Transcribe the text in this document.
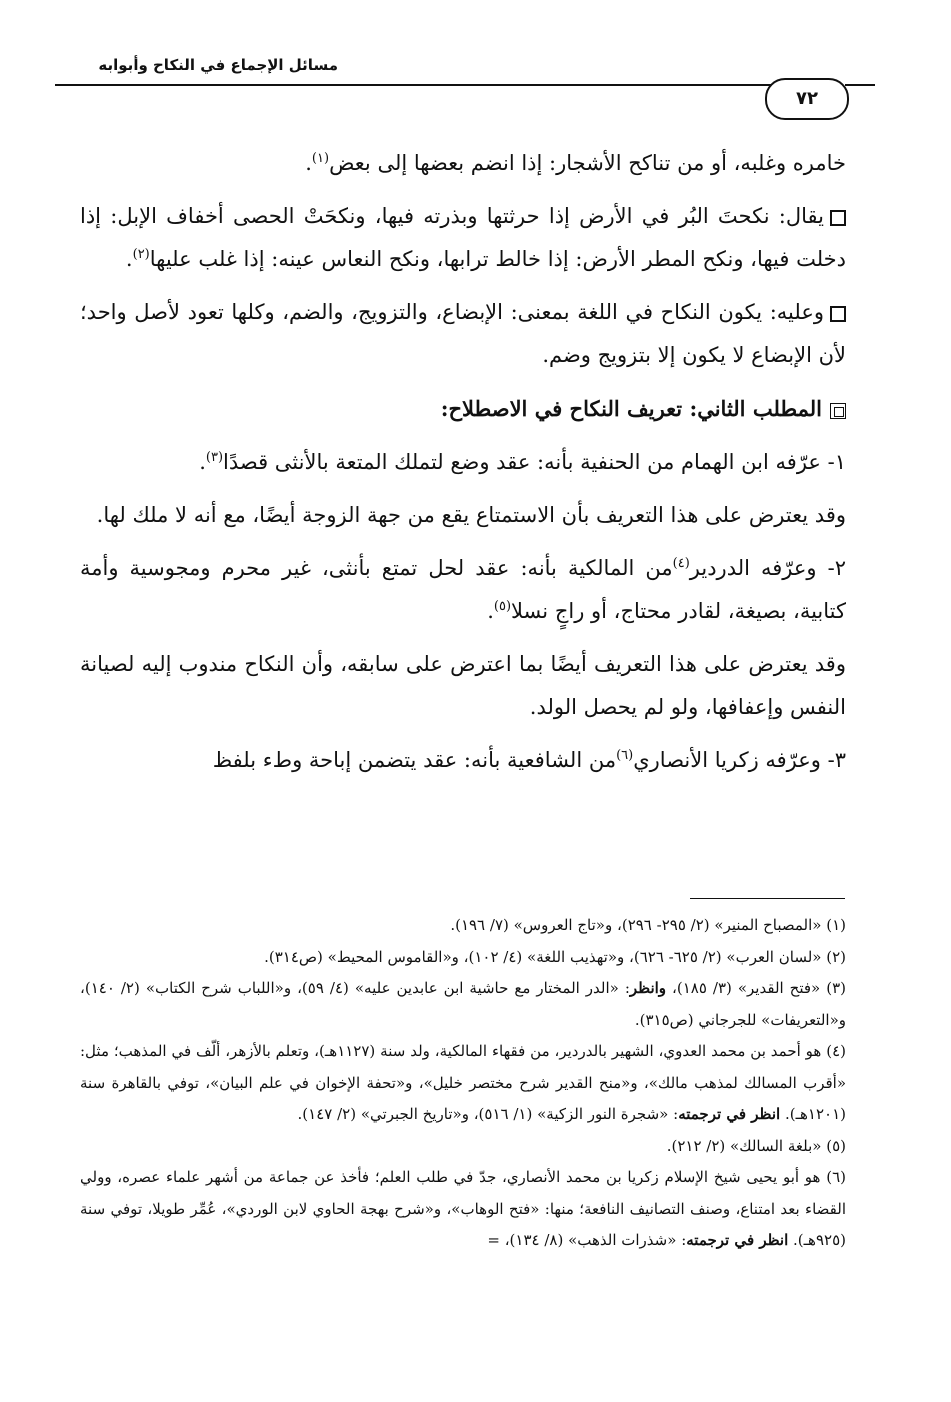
مسائل الإجماع في النكاح وأبوابه
٧٢

خامره وغلبه، أو من تناكح الأشجار: إذا انضم بعضها إلى بعض$^{(١)}$.

يقال: نكحتَ البُر في الأرض إذا حرثتها وبذرته فيها، ونكحَتْ الحصى أخفاف الإبل: إذا دخلت فيها، ونكح المطر الأرض: إذا خالط ترابها، ونكح النعاس عينه: إذا غلب عليها$^{(٢)}$.

وعليه: يكون النكاح في اللغة بمعنى: الإبضاع، والتزويج، والضم، وكلها تعود لأصل واحد؛ لأن الإبضاع لا يكون إلا بتزويج وضم.

المطلب الثاني: تعريف النكاح في الاصطلاح:

١- عرّفه ابن الهمام من الحنفية بأنه: عقد وضع لتملك المتعة بالأنثى قصدًا$^{(٣)}$.

وقد يعترض على هذا التعريف بأن الاستمتاع يقع من جهة الزوجة أيضًا، مع أنه لا ملك لها.

٢- وعرّفه الدردير$^{(٤)}$من المالكية بأنه: عقد لحل تمتع بأنثى، غير محرم ومجوسية وأمة كتابية، بصيغة، لقادر محتاج، أو راجٍ نسلا$^{(٥)}$.

وقد يعترض على هذا التعريف أيضًا بما اعترض على سابقه، وأن النكاح مندوب إليه لصيانة النفس وإعفافها، ولو لم يحصل الولد.

٣- وعرّفه زكريا الأنصاري$^{(٦)}$من الشافعية بأنه: عقد يتضمن إباحة وطء بلفظ

(١) «المصباح المنير» (٢/ ٢٩٥- ٢٩٦)، و«تاج العروس» (٧/ ١٩٦).

(٢) «لسان العرب» (٢/ ٦٢٥- ٦٢٦)، و«تهذيب اللغة» (٤/ ١٠٢)، و«القاموس المحيط» (ص٣١٤).

(٣) «فتح القدير» (٣/ ١٨٥)، وانظر: «الدر المختار مع حاشية ابن عابدين عليه» (٤/ ٥٩)، و«اللباب شرح الكتاب» (٢/ ١٤٠)، و«التعريفات» للجرجاني (ص٣١٥).

(٤) هو أحمد بن محمد العدوي، الشهير بالدردير، من فقهاء المالكية، ولد سنة (١١٢٧هـ)، وتعلم بالأزهر، ألّف في المذهب؛ مثل: «أقرب المسالك لمذهب مالك»، و«منح القدير شرح مختصر خليل»، و«تحفة الإخوان في علم البيان»، توفي بالقاهرة سنة (١٢٠١هـ). انظر في ترجمته: «شجرة النور الزكية» (١/ ٥١٦)، و«تاريخ الجبرتي» (٢/ ١٤٧).

(٥) «بلغة السالك» (٢/ ٢١٢).

(٦) هو أبو يحيى شيخ الإسلام زكريا بن محمد الأنصاري، جدّ في طلب العلم؛ فأخذ عن جماعة من أشهر علماء عصره، وولي القضاء بعد امتناع، وصنف التصانيف النافعة؛ منها: «فتح الوهاب»، و«شرح بهجة الحاوي لابن الوردي»، عُمِّر طويلا، توفي سنة (٩٢٥هـ). انظر في ترجمته: «شذرات الذهب» (٨/ ١٣٤)، =
